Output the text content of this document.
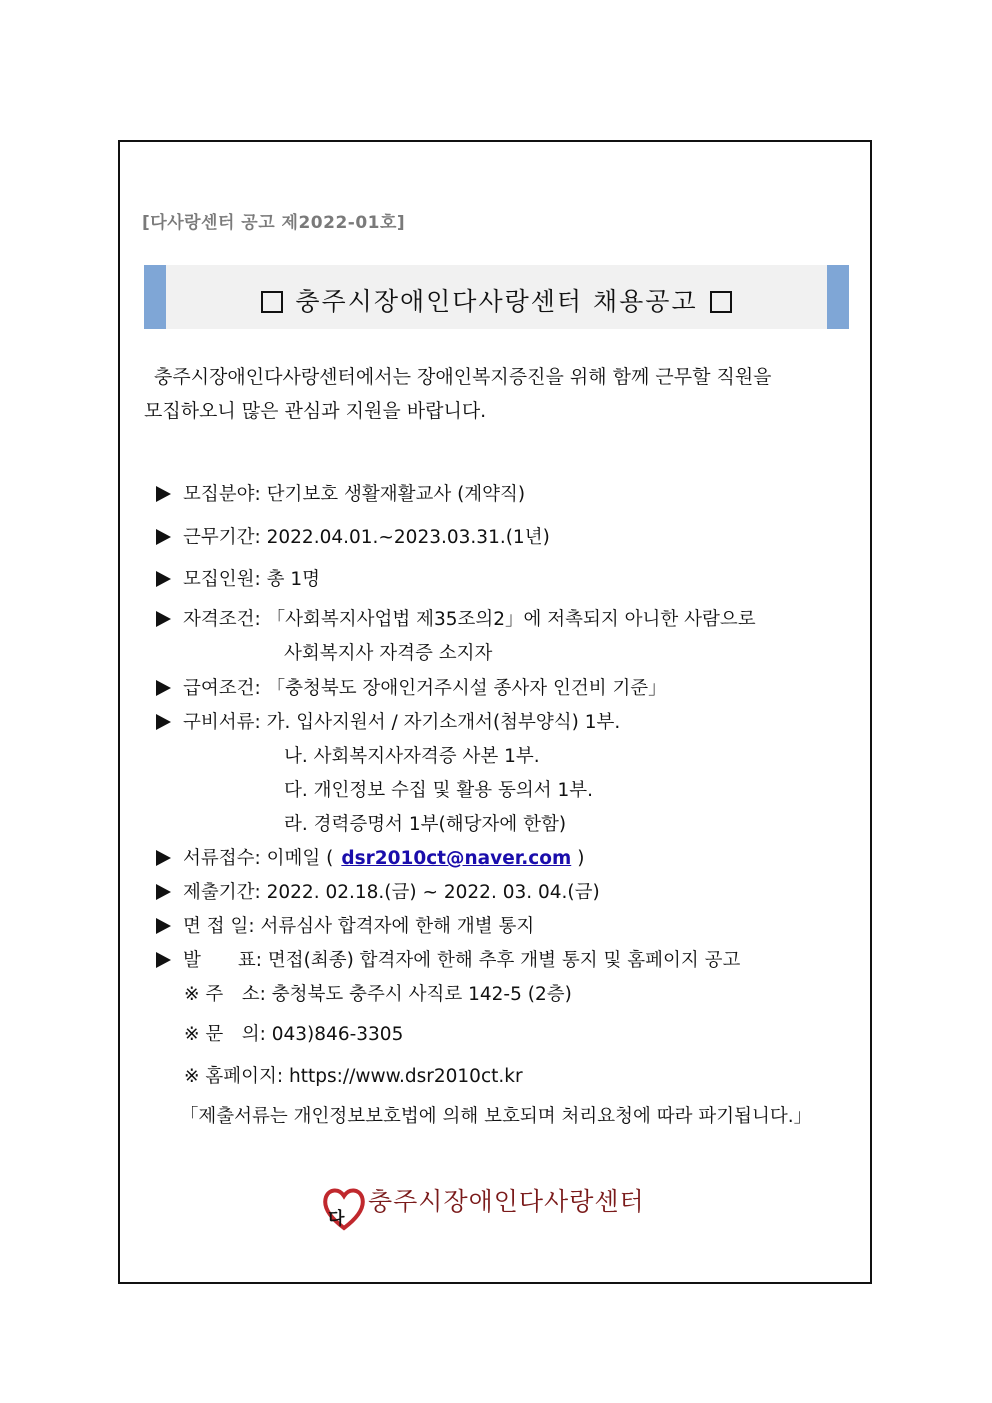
[다사랑센터 공고 제2022-01호]
충주시장애인다사랑센터 채용공고
충주시장애인다사랑센터에서는 장애인복지증진을 위해 함께 근무할 직원을
모집하오니 많은 관심과 지원을 바랍니다.
모집분야: 단기보호 생활재활교사 (계약직)
근무기간: 2022.04.01.~2023.03.31.(1년)
모집인원: 총 1명
자격조건: 「사회복지사업법 제35조의2」에 저촉되지 아니한 사람으로
사회복지사 자격증 소지자
급여조건: 「충청북도 장애인거주시설 종사자 인건비 기준」
구비서류: 가. 입사지원서 / 자기소개서(첨부양식) 1부.
나. 사회복지사자격증 사본 1부.
다. 개인정보 수집 및 활용 동의서 1부.
라. 경력증명서 1부(해당자에 한함)
서류접수: 이메일 ( dsr2010ct@naver.com )
제출기간: 2022. 02.18.(금) ~ 2022. 03. 04.(금)
면 접 일: 서류심사 합격자에 한해 개별 통지
발　　표: 면접(최종) 합격자에 한해 추후 개별 통지 및 홈페이지 공고
※ 주　소: 충청북도 충주시 사직로 142-5 (2층)
※ 문　의: 043)846-3305
※ 홈페이지: https://www.dsr2010ct.kr
「제출서류는 개인정보보호법에 의해 보호되며 처리요청에 따라 파기됩니다.」
다
충주시장애인다사랑센터
